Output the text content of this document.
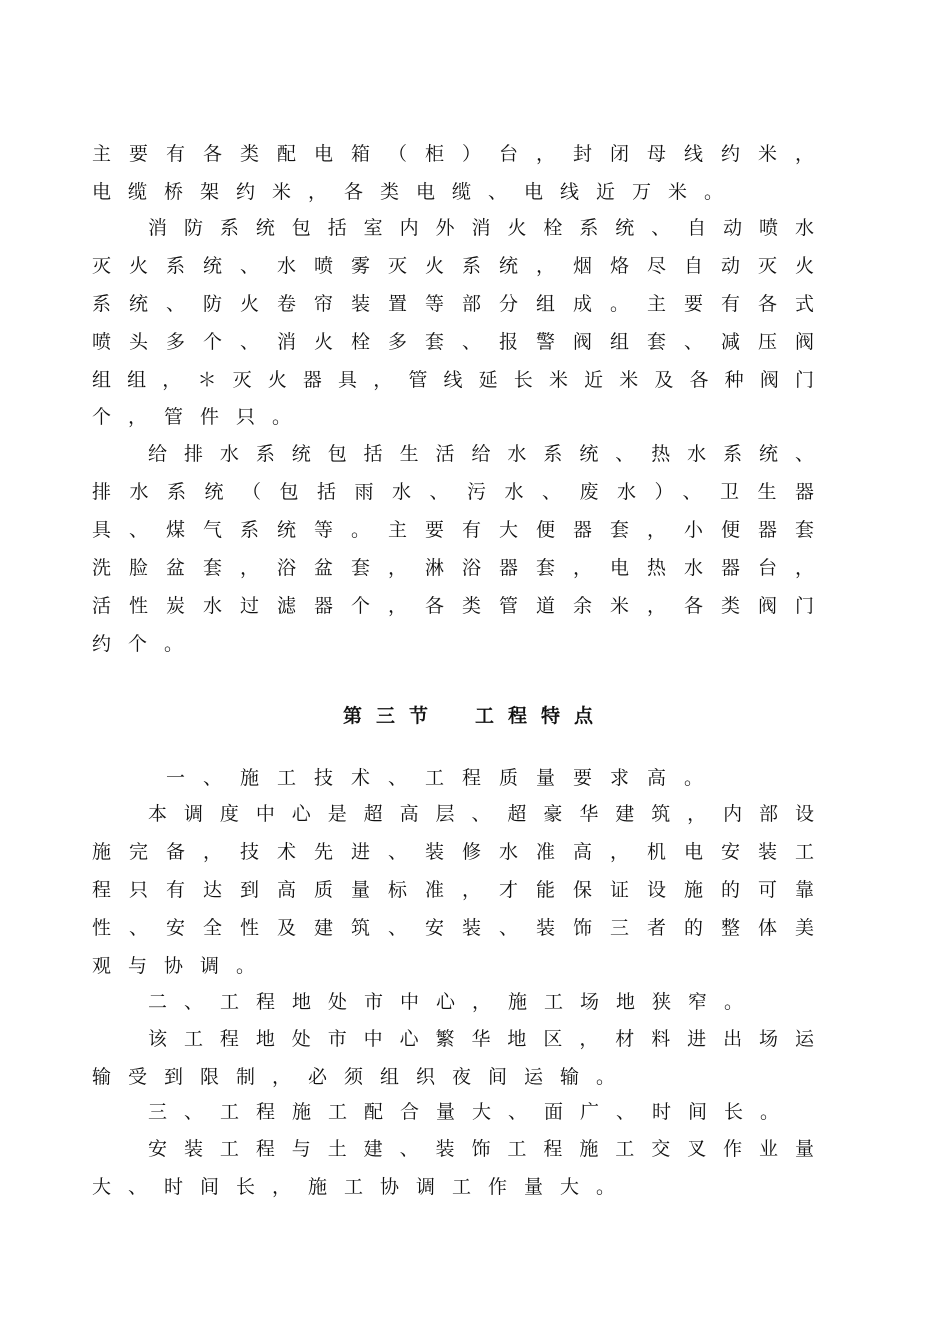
主要有各类配电箱（柜）台，封闭母线约米，
电缆桥架约米，各类电缆、电线近万米。
消防系统包括室内外消火栓系统、自动喷水
灭火系统、水喷雾灭火系统，烟烙尽自动灭火
系统、防火卷帘装置等部分组成。主要有各式
喷头多个、消火栓多套、报警阀组套、减压阀
组组，＊灭火器具，管线延长米近米及各种阀门
个，管件只。
给排水系统包括生活给水系统、热水系统、
排水系统（包括雨水、污水、废水）、卫生器
具、煤气系统等。主要有大便器套，小便器套
洗脸盆套，浴盆套，淋浴器套，电热水器台，
活性炭水过滤器个，各类管道余米，各类阀门
约个。
第三节　工程特点
一、施工技术、工程质量要求高。
本调度中心是超高层、超豪华建筑，内部设
施完备，技术先进、装修水准高，机电安装工
程只有达到高质量标准，才能保证设施的可靠
性、安全性及建筑、安装、装饰三者的整体美
观与协调。
二、工程地处市中心，施工场地狭窄。
该工程地处市中心繁华地区，材料进出场运
输受到限制，必须组织夜间运输。
三、工程施工配合量大、面广、时间长。
安装工程与土建、装饰工程施工交叉作业量
大、时间长，施工协调工作量大。
